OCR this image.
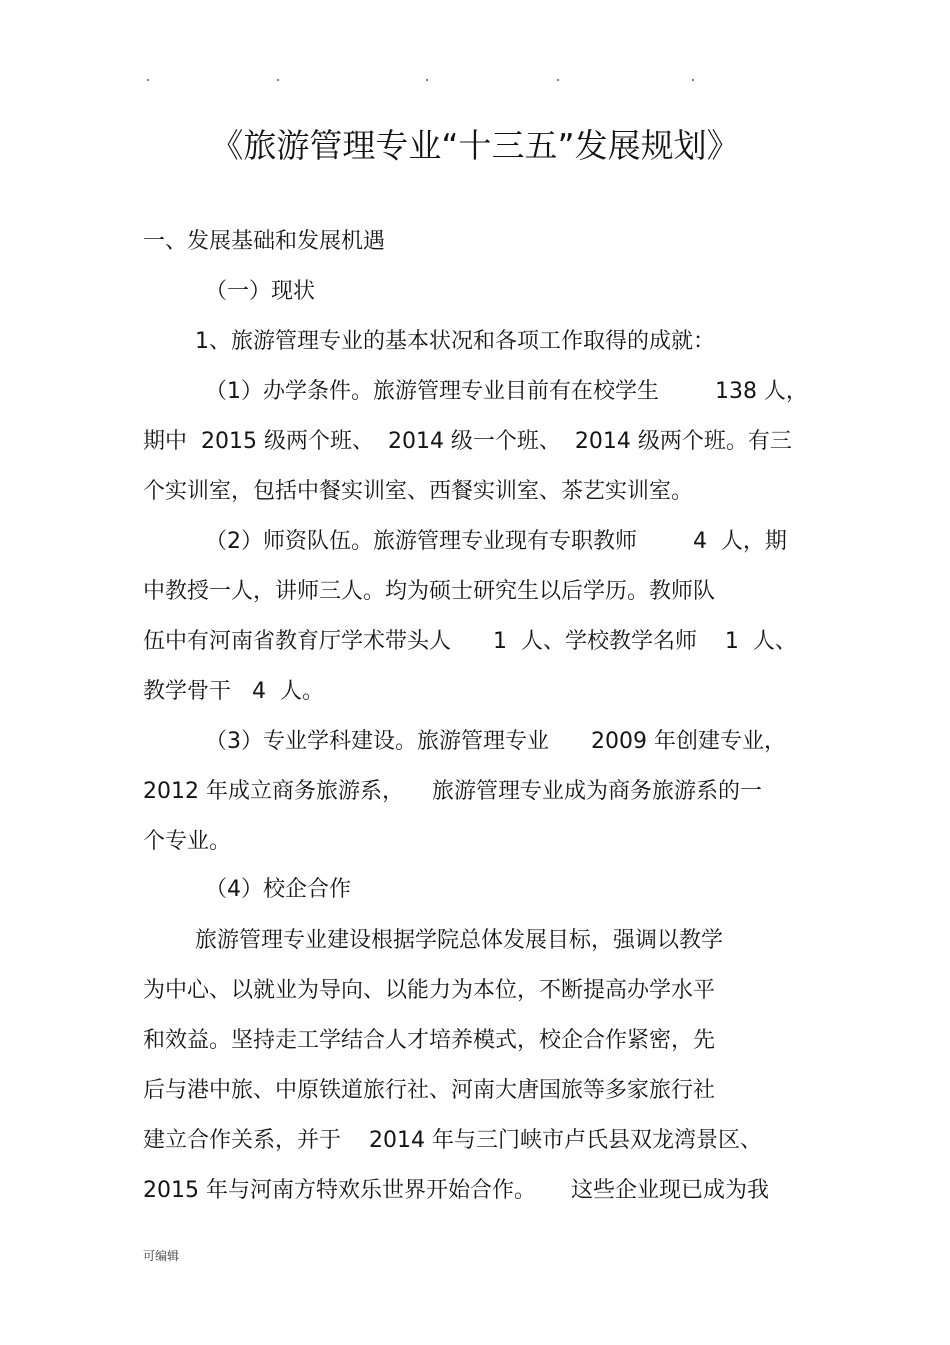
《旅游管理专业“十三五”发展规划》
一、发展基础和发展机遇
（一）现状
1、旅游管理专业的基本状况和各项工作取得的成就：
（1）办学条件。旅游管理专业目前有在校学生        138 人，
期中  2015 级两个班、  2014 级一个班、  2014 级两个班。有三
个实训室，包括中餐实训室、西餐实训室、茶艺实训室。
（2）师资队伍。旅游管理专业现有专职教师        4  人，期
中教授一人，讲师三人。均为硕士研究生以后学历。教师队
伍中有河南省教育厅学术带头人      1  人、学校教学名师    1  人、
教学骨干   4  人。
（3）专业学科建设。旅游管理专业      2009 年创建专业，
2012 年成立商务旅游系，    旅游管理专业成为商务旅游系的一
个专业。
（4）校企合作
旅游管理专业建设根据学院总体发展目标，强调以教学
为中心、以就业为导向、以能力为本位，不断提高办学水平
和效益。坚持走工学结合人才培养模式，校企合作紧密，先
后与港中旅、中原铁道旅行社、河南大唐国旅等多家旅行社
建立合作关系，并于    2014 年与三门峡市卢氏县双龙湾景区、
2015 年与河南方特欢乐世界开始合作。     这些企业现已成为我
可编辑
